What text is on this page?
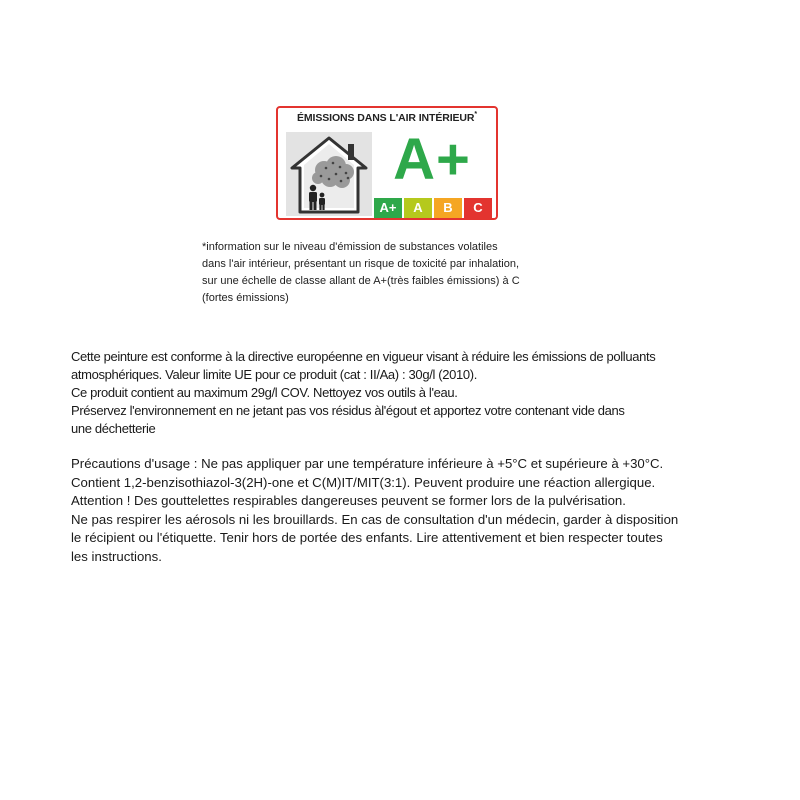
ÉMISSIONS DANS L'AIR INTÉRIEUR*
A+
A+	A	B	C
*information sur le niveau d'émission de substances volatiles
dans l'air intérieur, présentant un risque de toxicité par inhalation,
sur une échelle de classe allant de A+(très faibles émissions) à C
(fortes émissions)
Cette peinture est conforme à la directive européenne en vigueur visant à réduire les émissions de polluants
atmosphériques. Valeur limite UE pour ce produit (cat : II/Aa) : 30g/l (2010).
Ce produit contient au maximum 29g/l COV. Nettoyez vos outils à l'eau.
Préservez l'environnement en ne jetant pas vos résidus àl'égout et apportez votre contenant vide dans
une déchetterie
Précautions d'usage : Ne pas appliquer par une température inférieure à +5°C et supérieure à +30°C.
Contient 1,2-benzisothiazol-3(2H)-one et C(M)IT/MIT(3:1). Peuvent produire une réaction allergique.
Attention ! Des gouttelettes respirables dangereuses peuvent se former lors de la pulvérisation.
Ne pas respirer les aérosols ni les brouillards. En cas de consultation d'un médecin, garder à disposition
le récipient ou l'étiquette. Tenir hors de portée des enfants. Lire attentivement et bien respecter toutes
les instructions.
